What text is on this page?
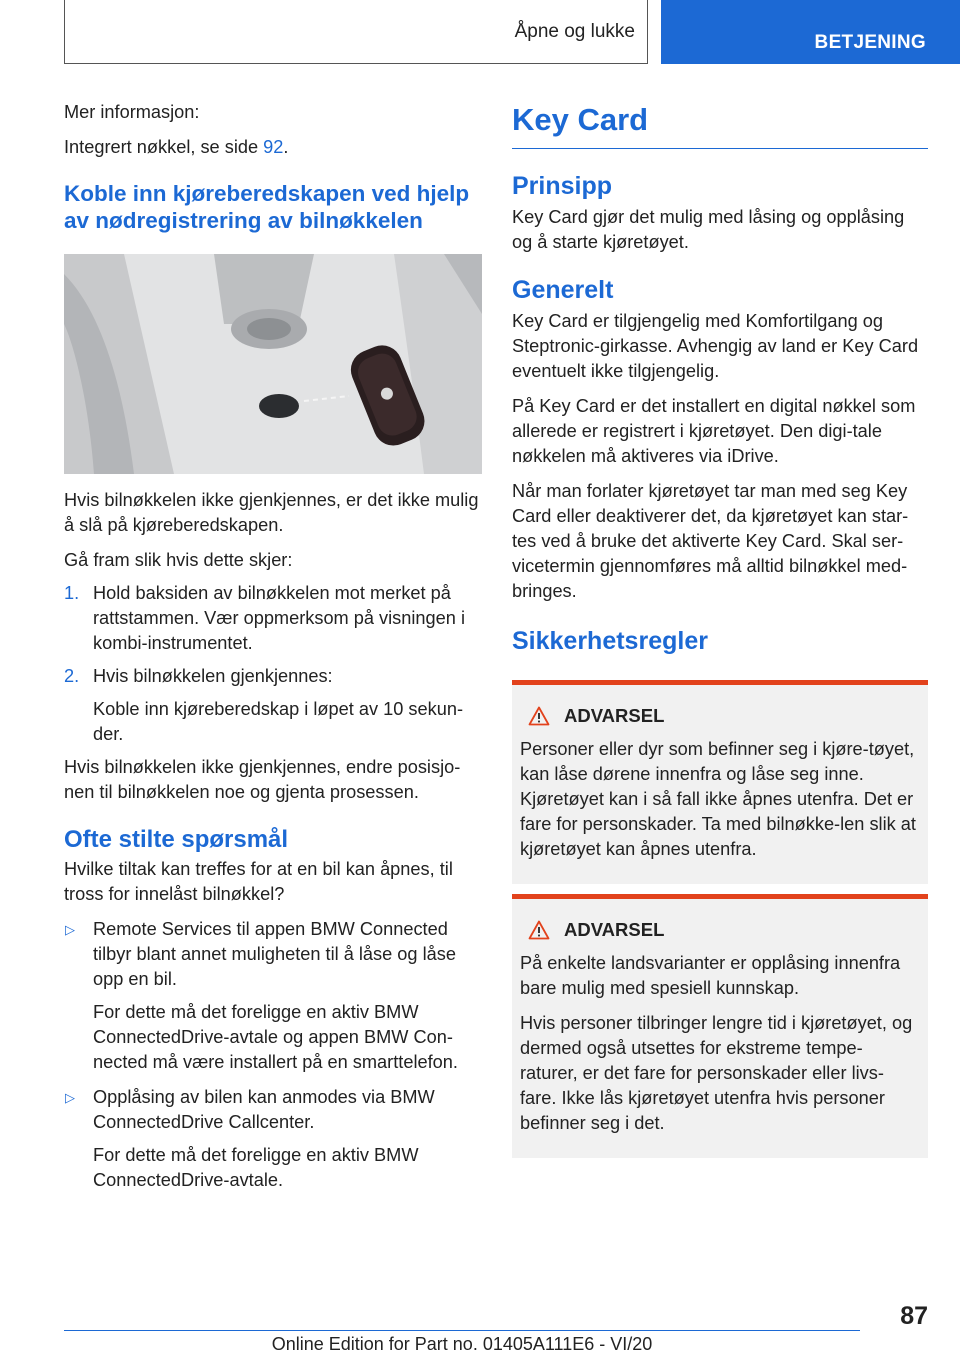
Åpne og lukke
BETJENING

Mer informasjon:

Integrert nøkkel, se side 92.

Koble inn kjøreberedskapen ved hjelp av nødregistrering av bilnøkkelen

Hvis bilnøkkelen ikke gjenkjennes, er det ikke mulig å slå på kjøreberedskapen.

Gå fram slik hvis dette skjer:

1. Hold baksiden av bilnøkkelen mot merket på rattstammen. Vær oppmerksom på visningen i kombi-instrumentet.
2. Hvis bilnøkkelen gjenkjennes:
Koble inn kjøreberedskap i løpet av 10 sekun-der.

Hvis bilnøkkelen ikke gjenkjennes, endre posisjo-nen til bilnøkkelen noe og gjenta prosessen.

Ofte stilte spørsmål

Hvilke tiltak kan treffes for at en bil kan åpnes, til tross for innelåst bilnøkkel?

▷ Remote Services til appen BMW Connected tilbyr blant annet muligheten til å låse og låse opp en bil.
For dette må det foreligge en aktiv BMW ConnectedDrive-avtale og appen BMW Con-nected må være installert på en smarttelefon.
▷ Opplåsing av bilen kan anmodes via BMW ConnectedDrive Callcenter.
For dette må det foreligge en aktiv BMW ConnectedDrive-avtale.
Key Card
Prinsipp

Key Card gjør det mulig med låsing og opplåsing og å starte kjøretøyet.

Generelt

Key Card er tilgjengelig med Komfortilgang og Steptronic-girkasse. Avhengig av land er Key Card eventuelt ikke tilgjengelig.

På Key Card er det installert en digital nøkkel som allerede er registrert i kjøretøyet. Den digi-tale nøkkelen må aktiveres via iDrive.

Når man forlater kjøretøyet tar man med seg Key Card eller deaktiverer det, da kjøretøyet kan star-tes ved å bruke det aktiverte Key Card. Skal ser-vicetermin gjennomføres må alltid bilnøkkel med-bringes.

Sikkerhetsregler
ADVARSEL

Personer eller dyr som befinner seg i kjøre-tøyet, kan låse dørene innenfra og låse seg inne. Kjøretøyet kan i så fall ikke åpnes utenfra. Det er fare for personskader. Ta med bilnøkke-len slik at kjøretøyet kan åpnes utenfra.

ADVARSEL

På enkelte landsvarianter er opplåsing innenfra bare mulig med spesiell kunnskap.

Hvis personer tilbringer lengre tid i kjøretøyet, og dermed også utsettes for ekstreme tempe-raturer, er det fare for personskader eller livs-fare. Ikke lås kjøretøyet utenfra hvis personer befinner seg i det.

87
Online Edition for Part no. 01405A111E6 - VI/20
